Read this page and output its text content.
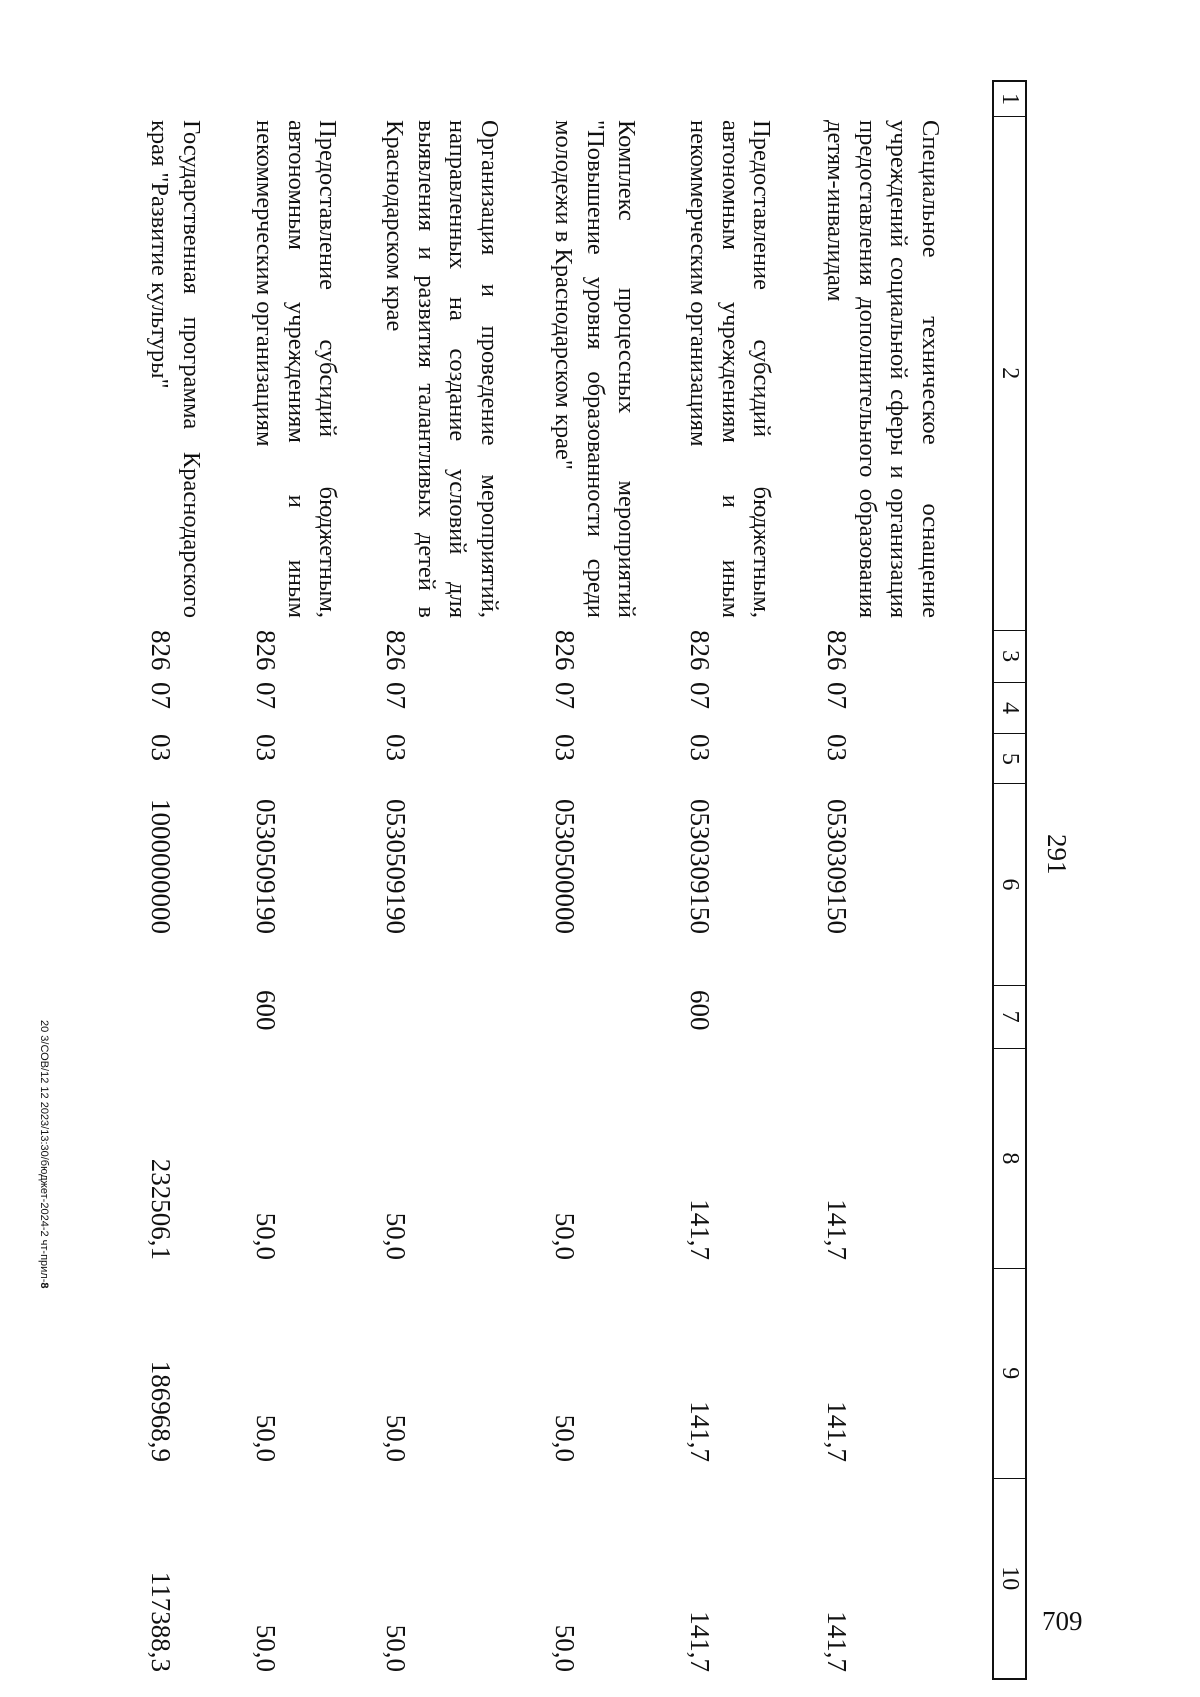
291
1
2
3
4
5
6
7
8
9
10
Специальное техническое оснащение учреждений социальной сферы и организация предоставления дополнительного образования детям-инвалидам
826
07
03
0530309150
141,7
141,7
141,7
Предоставление субсидий бюджетным, автономным учреждениям и иным некоммерческим организациям
826
07
03
0530309150
600
141,7
141,7
141,7
Комплекс процессных мероприятий "Повышение уровня образованности среди молодежи в Краснодарском крае"
826
07
03
0530500000
50,0
50,0
50,0
Организация и проведение мероприятий, направленных на создание условий для выявления и развития талантливых детей в Краснодарском крае
826
07
03
0530509190
50,0
50,0
50,0
Предоставление субсидий бюджетным, автономным учреждениям и иным некоммерческим организациям
826
07
03
0530509190
600
50,0
50,0
50,0
Государственная программа Краснодарского края "Развитие культуры"
826
07
03
1000000000
232506,1
186968,9
117388,3
20 3/СОВ/12 12 2023/13:30/бюджет-2024-2 чт-прил-8
709
